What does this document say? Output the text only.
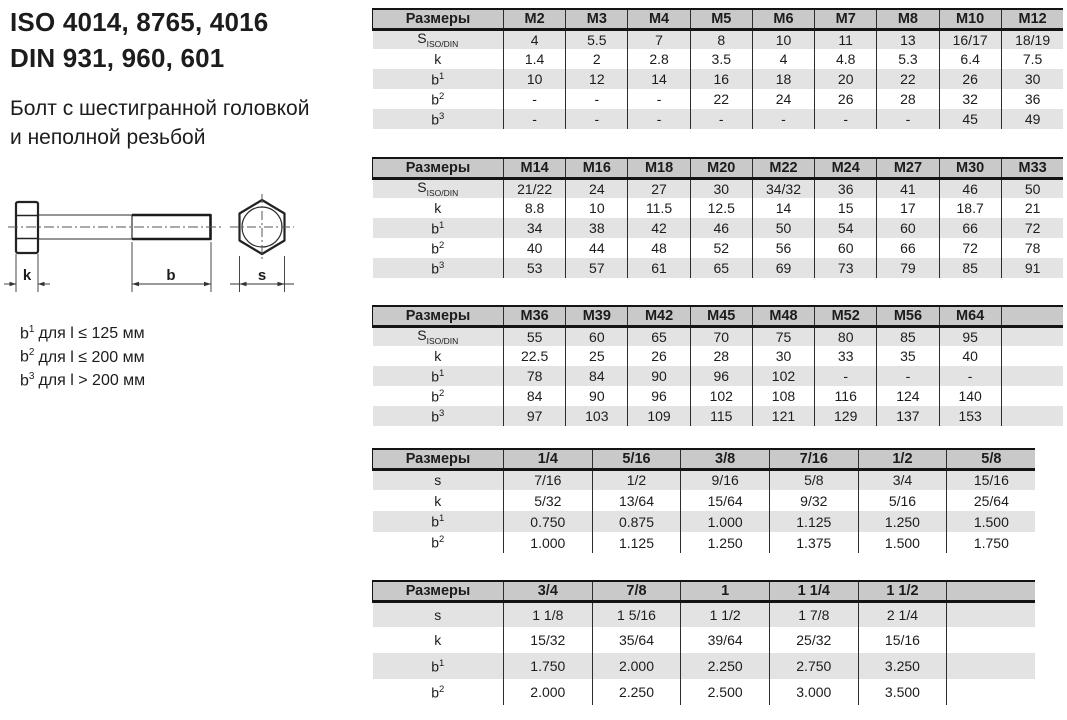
ISO 4014, 8765, 4016
DIN 931, 960, 601
Болт с шестигранной головкой
и неполной резьбой
k	b	s
$b^1$ для l ≤ 125 мм
$b^2$ для l ≤ 200 мм
$b^3$ для l > 200 мм
Размеры	M2	M3	M4	M5	M6	M7	M8	M10	M12
$S_{ISO/DIN}$	4	5.5	7	8	10	11	13	16/17	18/19
k	1.4	2	2.8	3.5	4	4.8	5.3	6.4	7.5
$b^1$	10	12	14	16	18	20	22	26	30
$b^2$	-	-	-	22	24	26	28	32	36
$b^3$	-	-	-	-	-	-	-	45	49
Размеры	M14	M16	M18	M20	M22	M24	M27	M30	M33
$S_{ISO/DIN}$	21/22	24	27	30	34/32	36	41	46	50
k	8.8	10	11.5	12.5	14	15	17	18.7	21
$b^1$	34	38	42	46	50	54	60	66	72
$b^2$	40	44	48	52	56	60	66	72	78
$b^3$	53	57	61	65	69	73	79	85	91
Размеры	M36	M39	M42	M45	M48	M52	M56	M64	
$S_{ISO/DIN}$	55	60	65	70	75	80	85	95	
k	22.5	25	26	28	30	33	35	40	
$b^1$	78	84	90	96	102	-	-	-	
$b^2$	84	90	96	102	108	116	124	140	
$b^3$	97	103	109	115	121	129	137	153	
Размеры	1/4	5/16	3/8	7/16	1/2	5/8
s	7/16	1/2	9/16	5/8	3/4	15/16
k	5/32	13/64	15/64	9/32	5/16	25/64
$b^1$	0.750	0.875	1.000	1.125	1.250	1.500
$b^2$	1.000	1.125	1.250	1.375	1.500	1.750
Размеры	3/4	7/8	1	1 1/4	1 1/2	
s	1 1/8	1 5/16	1 1/2	1 7/8	2 1/4	
k	15/32	35/64	39/64	25/32	15/16	
$b^1$	1.750	2.000	2.250	2.750	3.250	
$b^2$	2.000	2.250	2.500	3.000	3.500	
